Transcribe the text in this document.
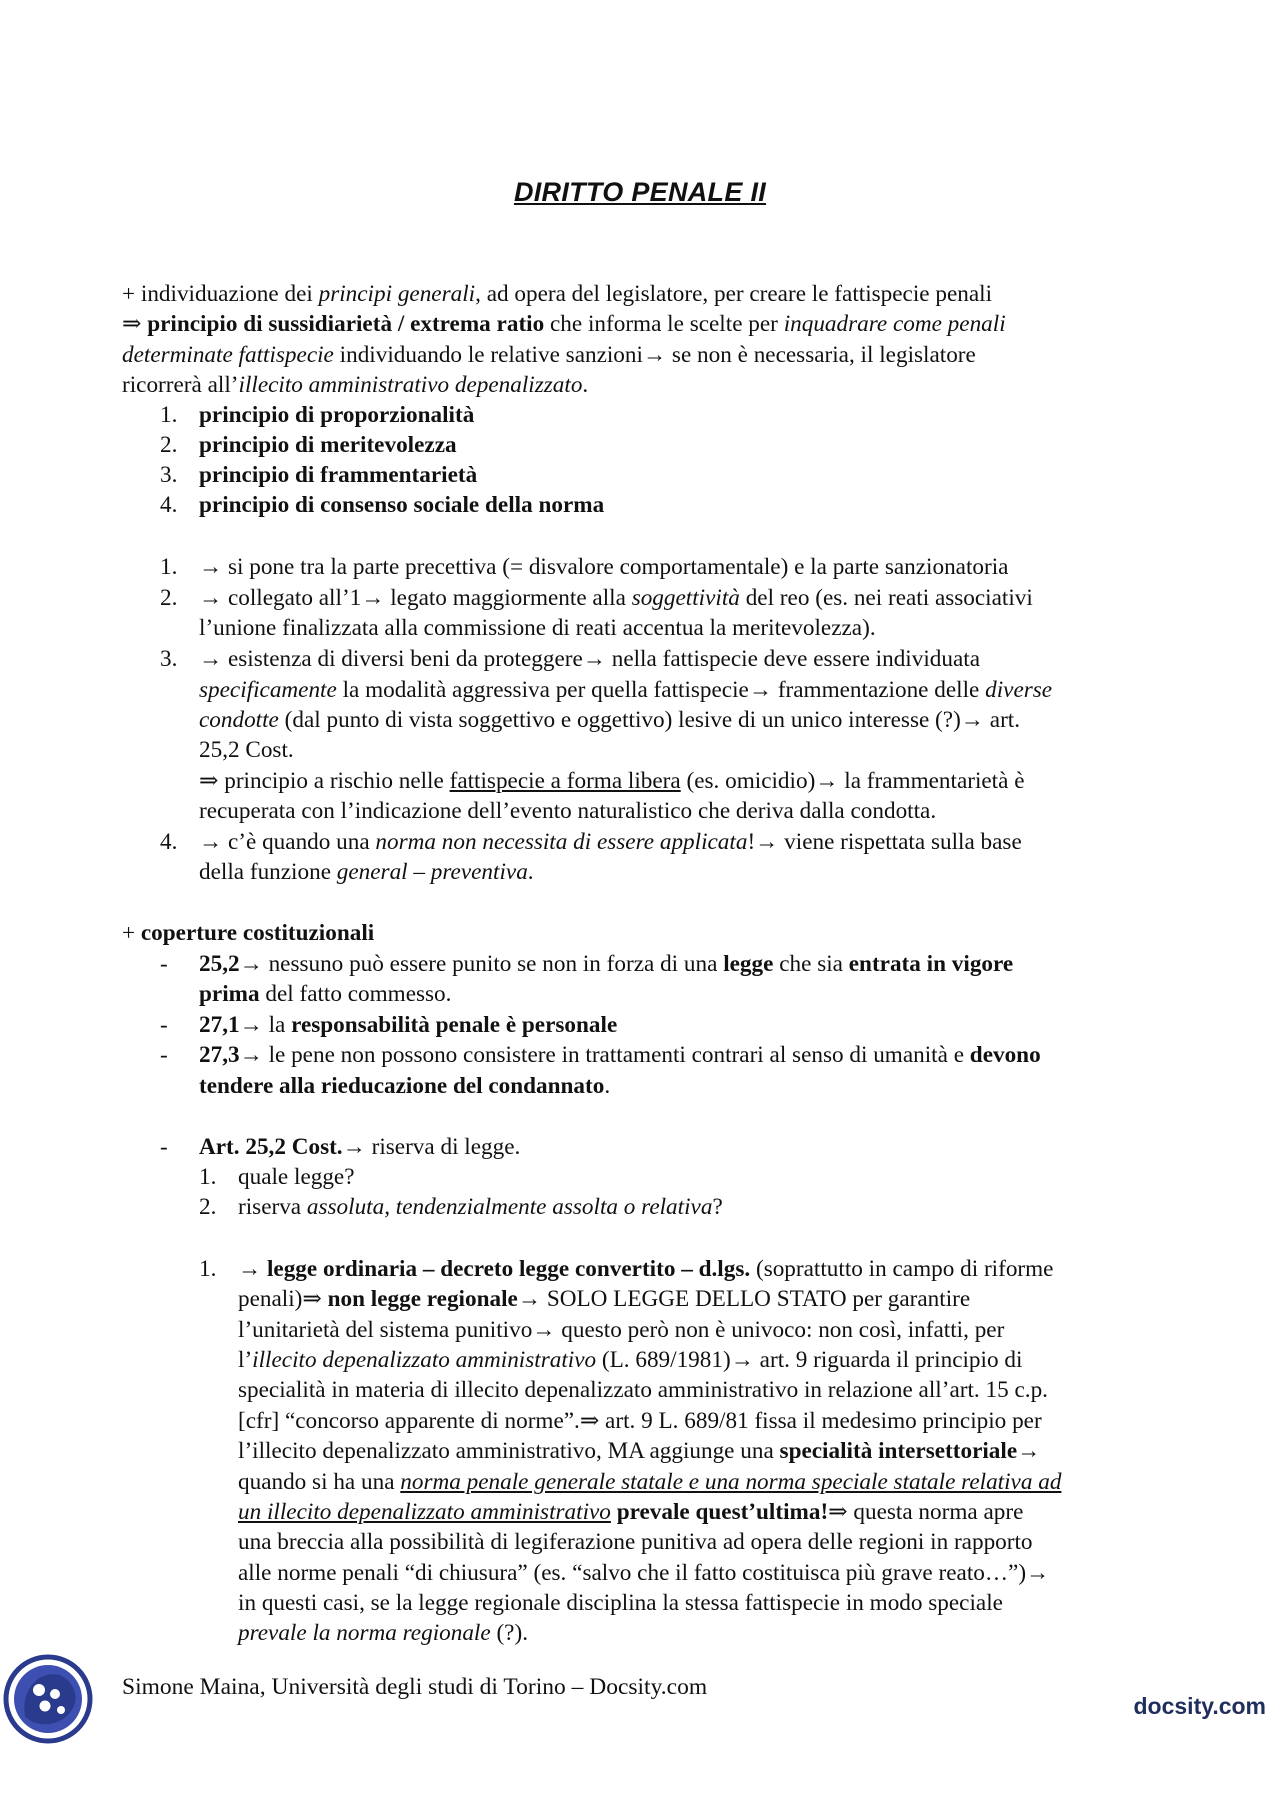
DIRITTO PENALE II
+ individuazione dei principi generali, ad opera del legislatore, per creare le fattispecie penali
⇒ principio di sussidiarietà / extrema ratio che informa le scelte per inquadrare come penali
determinate fattispecie individuando le relative sanzioni→ se non è necessaria, il legislatore
ricorrerà all’illecito amministrativo depenalizzato.
1. principio di proporzionalità
2. principio di meritevolezza
3. principio di frammentarietà
4. principio di consenso sociale della norma
1. → si pone tra la parte precettiva (= disvalore comportamentale) e la parte sanzionatoria
2. → collegato all’1→ legato maggiormente alla soggettività del reo (es. nei reati associativi
l’unione finalizzata alla commissione di reati accentua la meritevolezza).
3. → esistenza di diversi beni da proteggere→ nella fattispecie deve essere individuata
specificamente la modalità aggressiva per quella fattispecie→ frammentazione delle diverse
condotte (dal punto di vista soggettivo e oggettivo) lesive di un unico interesse (?)→ art.
25,2 Cost.
⇒ principio a rischio nelle fattispecie a forma libera (es. omicidio)→ la frammentarietà è
recuperata con l’indicazione dell’evento naturalistico che deriva dalla condotta.
4. → c’è quando una norma non necessita di essere applicata!→ viene rispettata sulla base
della funzione general – preventiva.
+ coperture costituzionali
- 25,2→ nessuno può essere punito se non in forza di una legge che sia entrata in vigore
prima del fatto commesso.
- 27,1→ la responsabilità penale è personale
- 27,3→ le pene non possono consistere in trattamenti contrari al senso di umanità e devono
tendere alla rieducazione del condannato.
- Art. 25,2 Cost.→ riserva di legge.
1. quale legge?
2. riserva assoluta, tendenzialmente assolta o relativa?
1. → legge ordinaria – decreto legge convertito – d.lgs. (soprattutto in campo di riforme
penali)⇒ non legge regionale→ SOLO LEGGE DELLO STATO per garantire
l’unitarietà del sistema punitivo→ questo però non è univoco: non così, infatti, per
l’illecito depenalizzato amministrativo (L. 689/1981)→ art. 9 riguarda il principio di
specialità in materia di illecito depenalizzato amministrativo in relazione all’art. 15 c.p.
[cfr] “concorso apparente di norme”.⇒ art. 9 L. 689/81 fissa il medesimo principio per
l’illecito depenalizzato amministrativo, MA aggiunge una specialità intersettoriale→
quando si ha una norma penale generale statale e una norma speciale statale relativa ad
un illecito depenalizzato amministrativo prevale quest’ultima!⇒ questa norma apre
una breccia alla possibilità di legiferazione punitiva ad opera delle regioni in rapporto
alle norme penali “di chiusura” (es. “salvo che il fatto costituisca più grave reato…”)→
in questi casi, se la legge regionale disciplina la stessa fattispecie in modo speciale
prevale la norma regionale (?).
Simone Maina, Università degli studi di Torino – Docsity.com
docsity.com
